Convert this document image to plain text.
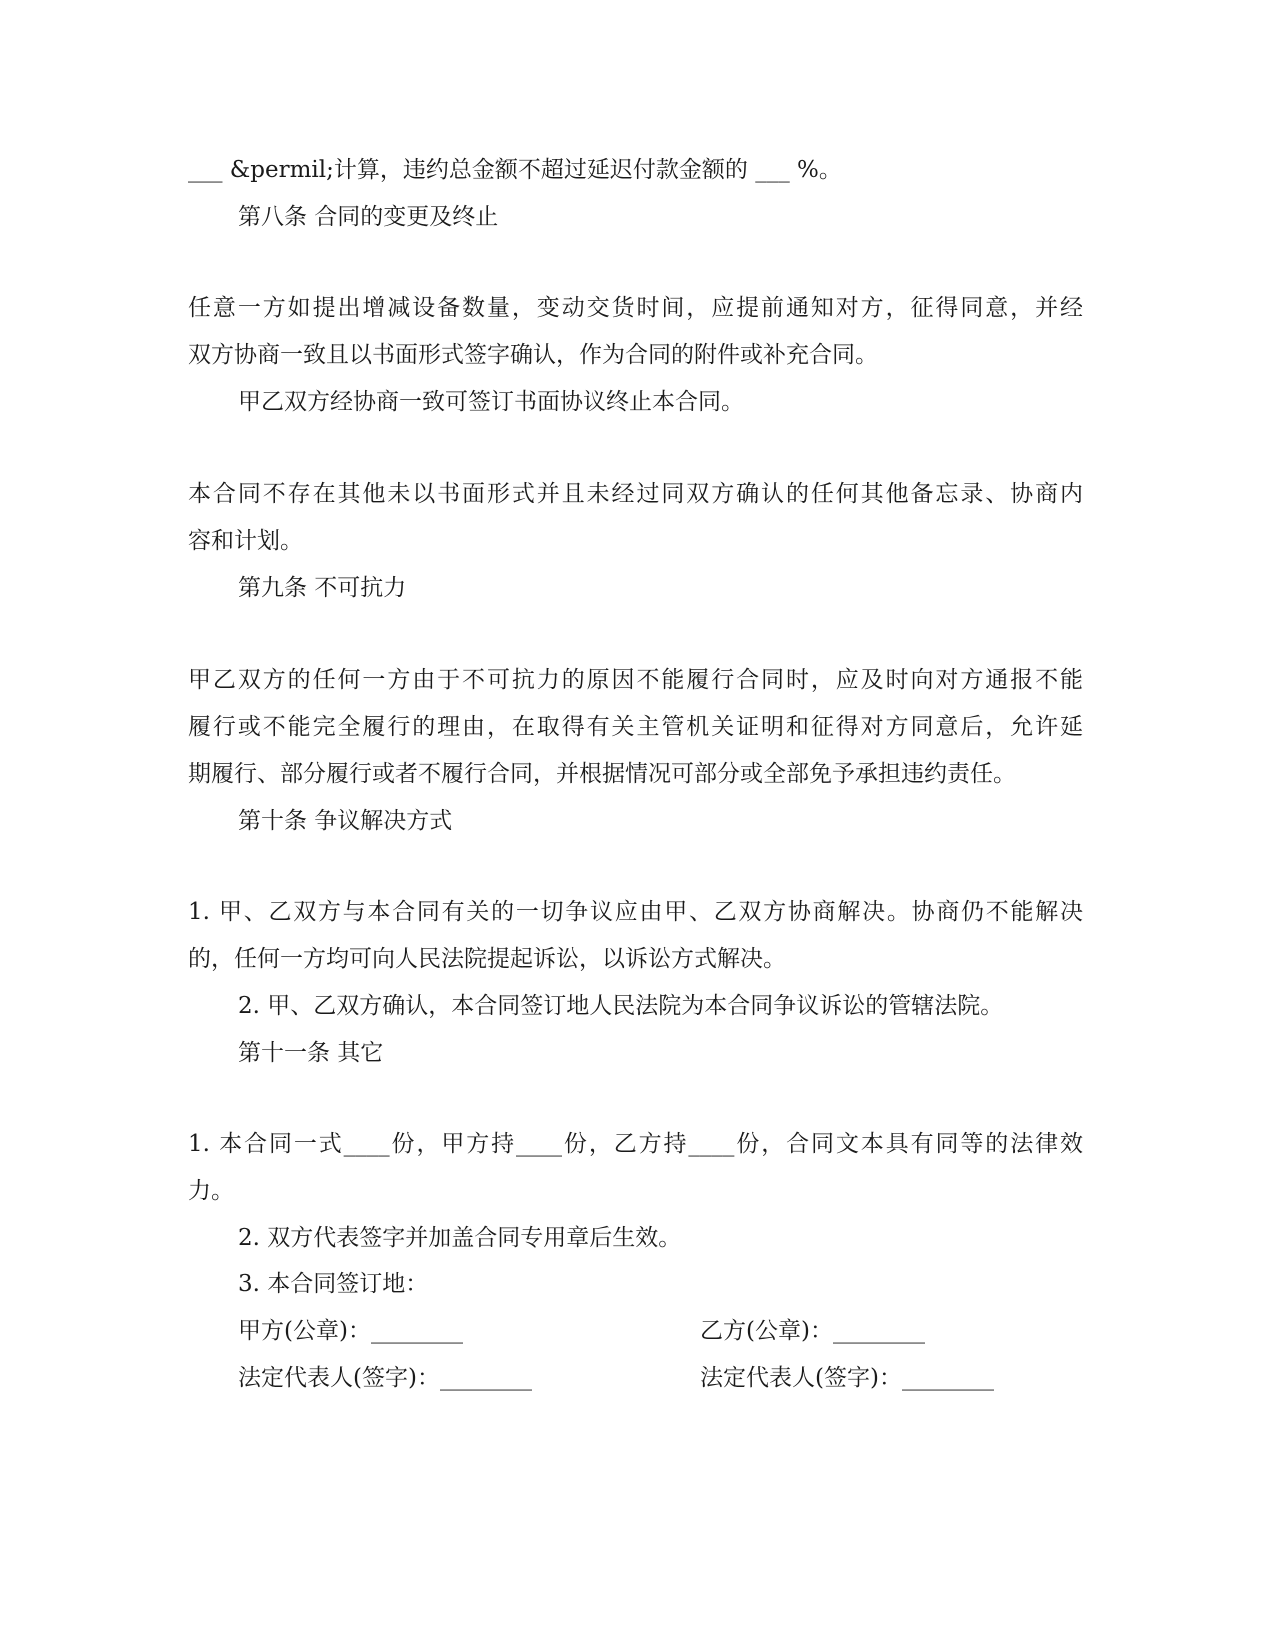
___ &permil;计算，违约总金额不超过延迟付款金额的 ___ %。
第八条 合同的变更及终止
任意一方如提出增减设备数量，变动交货时间，应提前通知对方，征得同意，并经
双方协商一致且以书面形式签字确认，作为合同的附件或补充合同。
甲乙双方经协商一致可签订书面协议终止本合同。
本合同不存在其他未以书面形式并且未经过同双方确认的任何其他备忘录、协商内
容和计划。
第九条 不可抗力
甲乙双方的任何一方由于不可抗力的原因不能履行合同时，应及时向对方通报不能
履行或不能完全履行的理由，在取得有关主管机关证明和征得对方同意后，允许延
期履行、部分履行或者不履行合同，并根据情况可部分或全部免予承担违约责任。
第十条 争议解决方式
1. 甲、乙双方与本合同有关的一切争议应由甲、乙双方协商解决。协商仍不能解决
的，任何一方均可向人民法院提起诉讼，以诉讼方式解决。
2. 甲、乙双方确认，本合同签订地人民法院为本合同争议诉讼的管辖法院。
第十一条 其它
1. 本合同一式____份，甲方持____份，乙方持____份，合同文本具有同等的法律效
力。
2. 双方代表签字并加盖合同专用章后生效。
3. 本合同签订地：
甲方(公章)：________	乙方(公章)：________
法定代表人(签字)：________	法定代表人(签字)：________
